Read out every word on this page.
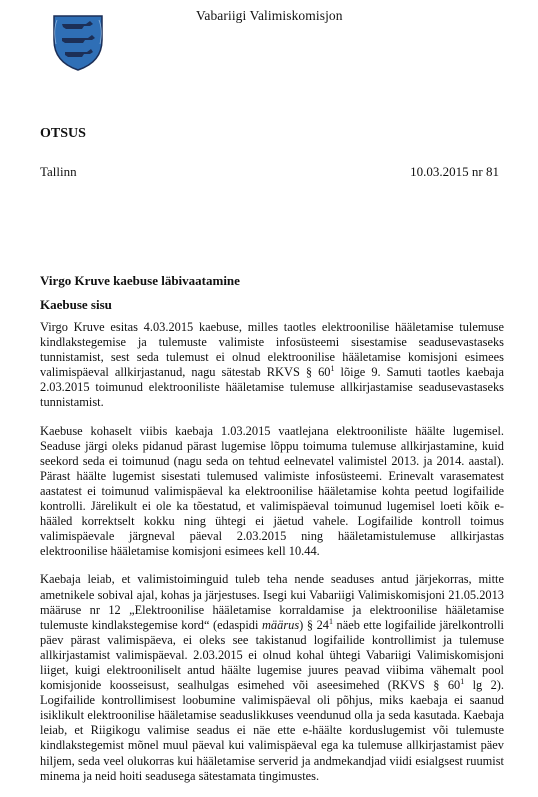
Vabariigi Valimiskomisjon
OTSUS
Tallinn	10.03.2015 nr 81
Virgo Kruve kaebuse läbivaatamine
Kaebuse sisu

Virgo Kruve esitas 4.03.2015 kaebuse, milles taotles elektroonilise hääletamise tulemuse kindlakstegemise ja tulemuste valimiste infosüsteemi sisestamise seadusevastaseks tunnistamist, sest seda tulemust ei olnud elektroonilise hääletamise komisjoni esimees valimispäeval allkirjastanud, nagu sätestab RKVS § $60^1$ lõige 9. Samuti taotles kaebaja 2.03.2015 toimunud elektrooniliste hääletamise tulemuse allkirjastamise seadusevastaseks tunnistamist.

Kaebuse kohaselt viibis kaebaja 1.03.2015 vaatlejana elektrooniliste häälte lugemisel. Seaduse järgi oleks pidanud pärast lugemise lõppu toimuma tulemuse allkirjastamine, kuid seekord seda ei toimunud (nagu seda on tehtud eelnevatel valimistel 2013. ja 2014. aastal). Pärast häälte lugemist sisestati tulemused valimiste infosüsteemi. Erinevalt varasematest aastatest ei toimunud valimispäeval ka elektroonilise hääletamise kohta peetud logifailide kontrolli. Järelikult ei ole ka tõestatud, et valimispäeval toimunud lugemisel loeti kõik e-hääled korrektselt kokku ning ühtegi ei jäetud vahele. Logifailide kontroll toimus valimispäevale järgneval päeval 2.03.2015 ning hääletamistulemuse allkirjastas elektroonilise hääletamise komisjoni esimees kell 10.44.

Kaebaja leiab, et valimistoiminguid tuleb teha nende seaduses antud järjekorras, mitte ametnikele sobival ajal, kohas ja järjestuses. Isegi kui Vabariigi Valimiskomisjoni 21.05.2013 määruse nr 12 „Elektroonilise hääletamise korraldamise ja elektroonilise hääletamise tulemuste kindlakstegemise kord“ (edaspidi määrus) § $24^1$ näeb ette logifailide järelkontrolli päev pärast valimispäeva, ei oleks see takistanud logifailide kontrollimist ja tulemuse allkirjastamist valimispäeval. 2.03.2015 ei olnud kohal ühtegi Vabariigi Valimiskomisjoni liiget, kuigi elektrooniliselt antud häälte lugemise juures peavad viibima vähemalt pool komisjonide koosseisust, sealhulgas esimehed või aseesimehed (RKVS § $60^1$ lg 2). Logifailide kontrollimisest loobumine valimispäeval oli põhjus, miks kaebaja ei saanud isiklikult elektroonilise hääletamise seaduslikkuses veendunud olla ja seda kasutada. Kaebaja leiab, et Riigikogu valimise seadus ei näe ette e-häälte korduslugemist või tulemuste kindlakstegemist mõnel muul päeval kui valimispäeval ega ka tulemuse allkirjastamist päev hiljem, seda veel olukorras kui hääletamise serverid ja andmekandjad viidi esialgsest ruumist minema ja neid hoiti seadusega sätestamata tingimustes.
